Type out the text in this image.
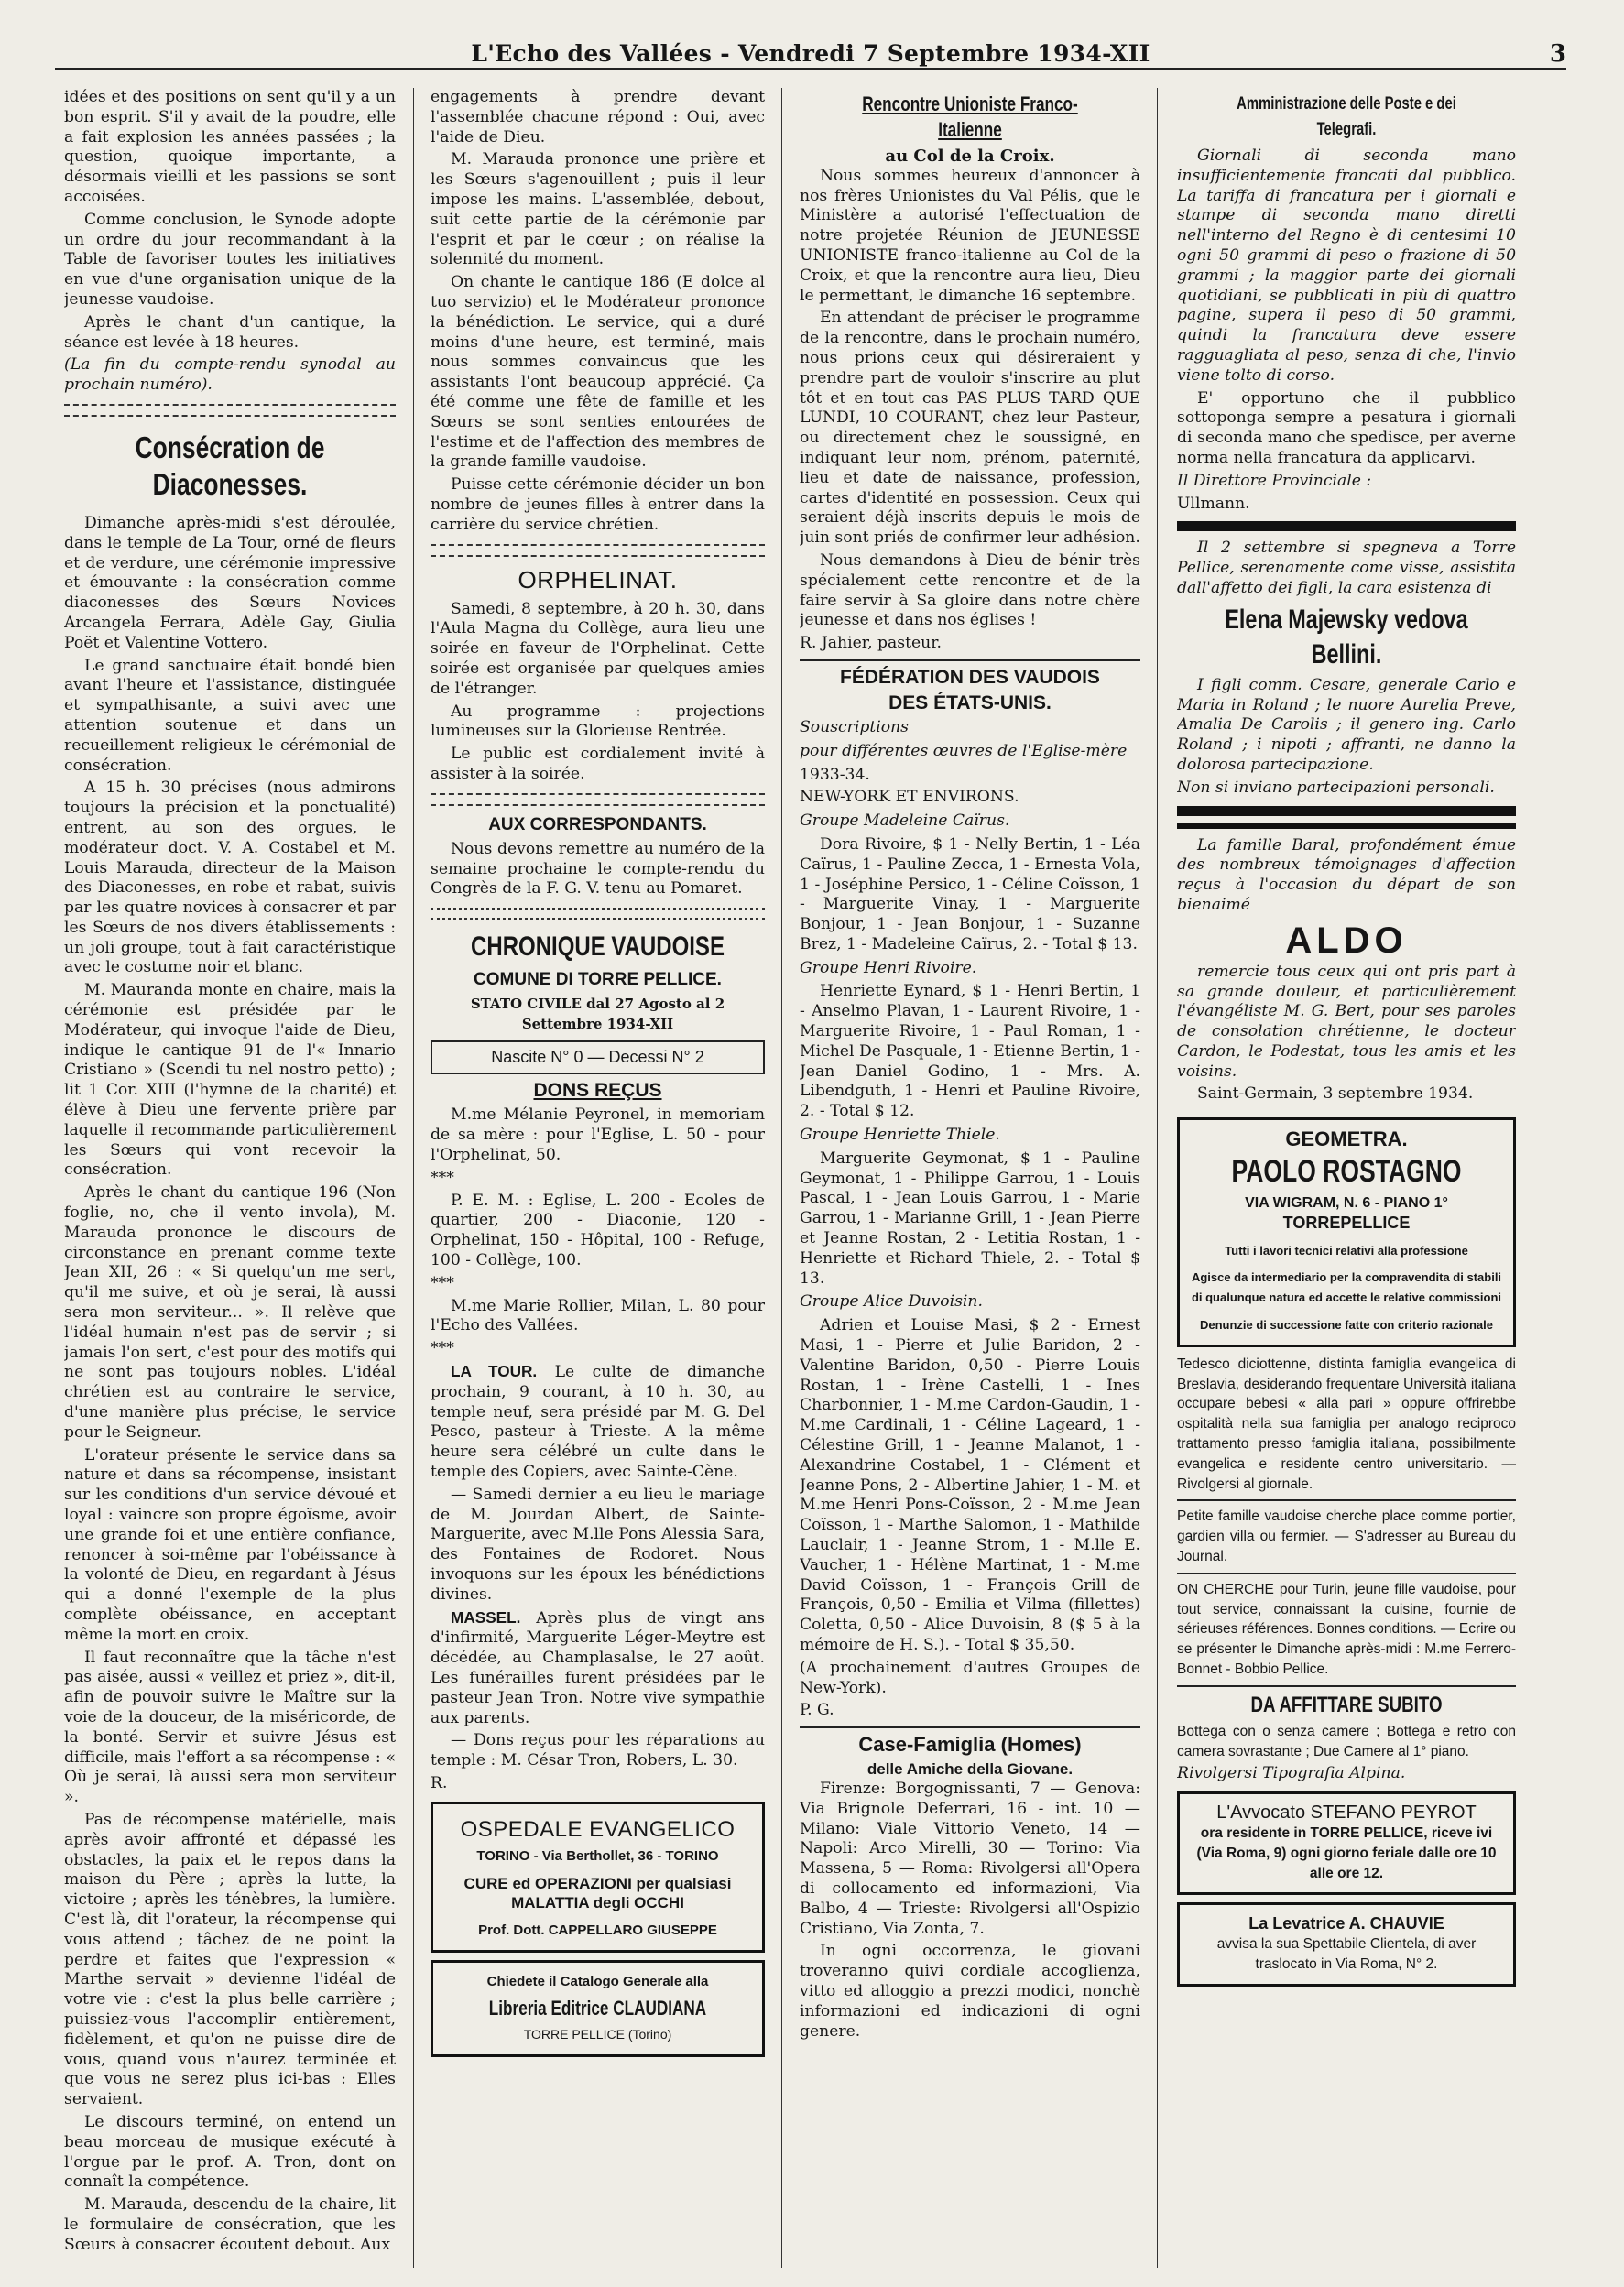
L'Echo des Vallées - Vendredi 7 Septembre 1934-XII	3

idées et des positions on sent qu'il y a un bon esprit. S'il y avait de la poudre, elle a fait explosion les années passées ; la question, quoique importante, a désormais vieilli et les passions se sont accoisées.

Comme conclusion, le Synode adopte un ordre du jour recommandant à la Table de favoriser toutes les initiatives en vue d'une organisation unique de la jeunesse vaudoise.

Après le chant d'un cantique, la séance est levée à 18 heures.

(La fin du compte-rendu synodal au prochain numéro).

Consécration de Diaconesses.

Dimanche après-midi s'est déroulée, dans le temple de La Tour, orné de fleurs et de verdure, une cérémonie impressive et émouvante : la consécration comme diaconesses des Sœurs Novices Arcangela Ferrara, Adèle Gay, Giulia Poët et Valentine Vottero.

Le grand sanctuaire était bondé bien avant l'heure et l'assistance, distinguée et sympathisante, a suivi avec une attention soutenue et dans un recueillement religieux le cérémonial de consécration.

A 15 h. 30 précises (nous admirons toujours la précision et la ponctualité) entrent, au son des orgues, le modérateur doct. V. A. Costabel et M. Louis Marauda, directeur de la Maison des Diaconesses, en robe et rabat, suivis par les quatre novices à consacrer et par les Sœurs de nos divers établissements : un joli groupe, tout à fait caractéristique avec le costume noir et blanc.

M. Mauranda monte en chaire, mais la cérémonie est présidée par le Modérateur, qui invoque l'aide de Dieu, indique le cantique 91 de l'« Innario Cristiano » (Scendi tu nel nostro petto) ; lit 1 Cor. XIII (l'hymne de la charité) et élève à Dieu une fervente prière par laquelle il recommande particulièrement les Sœurs qui vont recevoir la consécration.

Après le chant du cantique 196 (Non foglie, no, che il vento invola), M. Marauda prononce le discours de circonstance en prenant comme texte Jean XII, 26 : « Si quelqu'un me sert, qu'il me suive, et où je serai, là aussi sera mon serviteur... ». Il relève que l'idéal humain n'est pas de servir ; si jamais l'on sert, c'est pour des motifs qui ne sont pas toujours nobles. L'idéal chrétien est au contraire le service, d'une manière plus précise, le service pour le Seigneur.

L'orateur présente le service dans sa nature et dans sa récompense, insistant sur les conditions d'un service dévoué et loyal : vaincre son propre égoïsme, avoir une grande foi et une entière confiance, renoncer à soi-même par l'obéissance à la volonté de Dieu, en regardant à Jésus qui a donné l'exemple de la plus complète obéissance, en acceptant même la mort en croix.

Il faut reconnaître que la tâche n'est pas aisée, aussi « veillez et priez », dit-il, afin de pouvoir suivre le Maître sur la voie de la douceur, de la miséricorde, de la bonté. Servir et suivre Jésus est difficile, mais l'effort a sa récompense : « Où je serai, là aussi sera mon serviteur ».

Pas de récompense matérielle, mais après avoir affronté et dépassé les obstacles, la paix et le repos dans la maison du Père ; après la lutte, la victoire ; après les ténèbres, la lumière. C'est là, dit l'orateur, la récompense qui vous attend ; tâchez de ne point la perdre et faites que l'expression « Marthe servait » devienne l'idéal de votre vie : c'est la plus belle carrière ; puissiez-vous l'accomplir entièrement, fidèlement, et qu'on ne puisse dire de vous, quand vous n'aurez terminée et que vous ne serez plus ici-bas : Elles servaient.

Le discours terminé, on entend un beau morceau de musique exécuté à l'orgue par le prof. A. Tron, dont on connaît la compétence.

M. Marauda, descendu de la chaire, lit le formulaire de consécration, que les Sœurs à consacrer écoutent debout. Aux

engagements à prendre devant l'assemblée chacune répond : Oui, avec l'aide de Dieu.

M. Marauda prononce une prière et les Sœurs s'agenouillent ; puis il leur impose les mains. L'assemblée, debout, suit cette partie de la cérémonie par l'esprit et par le cœur ; on réalise la solennité du moment.

On chante le cantique 186 (E dolce al tuo servizio) et le Modérateur prononce la bénédiction. Le service, qui a duré moins d'une heure, est terminé, mais nous sommes convaincus que les assistants l'ont beaucoup apprécié. Ça été comme une fête de famille et les Sœurs se sont senties entourées de l'estime et de l'affection des membres de la grande famille vaudoise.

Puisse cette cérémonie décider un bon nombre de jeunes filles à entrer dans la carrière du service chrétien.

ORPHELINAT.

Samedi, 8 septembre, à 20 h. 30, dans l'Aula Magna du Collège, aura lieu une soirée en faveur de l'Orphelinat. Cette soirée est organisée par quelques amies de l'étranger.

Au programme : projections lumineuses sur la Glorieuse Rentrée.

Le public est cordialement invité à assister à la soirée.

AUX CORRESPONDANTS.

Nous devons remettre au numéro de la semaine prochaine le compte-rendu du Congrès de la F. G. V. tenu au Pomaret.

CHRONIQUE VAUDOISE
COMUNE DI TORRE PELLICE.
STATO CIVILE dal 27 Agosto al 2 Settembre 1934-XII
Nascite N° 0 — Decessi N° 2
DONS REÇUS

M.me Mélanie Peyronel, in memoriam de sa mère : pour l'Eglise, L. 50 - pour l'Orphelinat, 50.

***

P. E. M. : Eglise, L. 200 - Ecoles de quartier, 200 - Diaconie, 120 - Orphelinat, 150 - Hôpital, 100 - Refuge, 100 - Collège, 100.

***

M.me Marie Rollier, Milan, L. 80 pour l'Echo des Vallées.

***

LA TOUR. Le culte de dimanche prochain, 9 courant, à 10 h. 30, au temple neuf, sera présidé par M. G. Del Pesco, pasteur à Trieste. A la même heure sera célébré un culte dans le temple des Copiers, avec Sainte-Cène.

— Samedi dernier a eu lieu le mariage de M. Jourdan Albert, de Sainte-Marguerite, avec M.lle Pons Alessia Sara, des Fontaines de Rodoret. Nous invoquons sur les époux les bénédictions divines.

MASSEL. Après plus de vingt ans d'infirmité, Marguerite Léger-Meytre est décédée, au Champlasalse, le 27 août. Les funérailles furent présidées par le pasteur Jean Tron. Notre vive sympathie aux parents.

— Dons reçus pour les réparations au temple : M. César Tron, Robers, L. 30.

R.

OSPEDALE EVANGELICO
TORINO - Via Berthollet, 36 - TORINO
CURE ed OPERAZIONI per qualsiasi MALATTIA degli OCCHI
Prof. Dott. CAPPELLARO GIUSEPPE
Chiedete il Catalogo Generale alla
Libreria Editrice CLAUDIANA
TORRE PELLICE (Torino)
Rencontre Unioniste Franco-Italienne
au Col de la Croix.

Nous sommes heureux d'annoncer à nos frères Unionistes du Val Pélis, que le Ministère a autorisé l'effectuation de notre projetée Réunion de JEUNESSE UNIONISTE franco-italienne au Col de la Croix, et que la rencontre aura lieu, Dieu le permettant, le dimanche 16 septembre.

En attendant de préciser le programme de la rencontre, dans le prochain numéro, nous prions ceux qui désireraient y prendre part de vouloir s'inscrire au plut tôt et en tout cas PAS PLUS TARD QUE LUNDI, 10 COURANT, chez leur Pasteur, ou directement chez le soussigné, en indiquant leur nom, prénom, paternité, lieu et date de naissance, profession, cartes d'identité en possession. Ceux qui seraient déjà inscrits depuis le mois de juin sont priés de confirmer leur adhésion.

Nous demandons à Dieu de bénir très spécialement cette rencontre et de la faire servir à Sa gloire dans notre chère jeunesse et dans nos églises !

R. Jahier, pasteur.

FÉDÉRATION DES VAUDOIS
DES ÉTATS-UNIS.

Souscriptions

pour différentes œuvres de l'Eglise-mère

1933-34.

NEW-YORK ET ENVIRONS.

Groupe Madeleine Caïrus.

Dora Rivoire, $ 1 - Nelly Bertin, 1 - Léa Caïrus, 1 - Pauline Zecca, 1 - Ernesta Vola, 1 - Joséphine Persico, 1 - Céline Coïsson, 1 - Marguerite Vinay, 1 - Marguerite Bonjour, 1 - Jean Bonjour, 1 - Suzanne Brez, 1 - Madeleine Caïrus, 2. - Total $ 13.

Groupe Henri Rivoire.

Henriette Eynard, $ 1 - Henri Bertin, 1 - Anselmo Plavan, 1 - Laurent Rivoire, 1 - Marguerite Rivoire, 1 - Paul Roman, 1 - Michel De Pasquale, 1 - Etienne Bertin, 1 - Jean Daniel Godino, 1 - Mrs. A. Libendguth, 1 - Henri et Pauline Rivoire, 2. - Total $ 12.

Groupe Henriette Thiele.

Marguerite Geymonat, $ 1 - Pauline Geymonat, 1 - Philippe Garrou, 1 - Louis Pascal, 1 - Jean Louis Garrou, 1 - Marie Garrou, 1 - Marianne Grill, 1 - Jean Pierre et Jeanne Rostan, 2 - Letitia Rostan, 1 - Henriette et Richard Thiele, 2. - Total $ 13.

Groupe Alice Duvoisin.

Adrien et Louise Masi, $ 2 - Ernest Masi, 1 - Pierre et Julie Baridon, 2 - Valentine Baridon, 0,50 - Pierre Louis Rostan, 1 - Irène Castelli, 1 - Ines Charbonnier, 1 - M.me Cardon-Gaudin, 1 - M.me Cardinali, 1 - Céline Lageard, 1 - Célestine Grill, 1 - Jeanne Malanot, 1 - Alexandrine Costabel, 1 - Clément et Jeanne Pons, 2 - Albertine Jahier, 1 - M. et M.me Henri Pons-Coïsson, 2 - M.me Jean Coïsson, 1 - Marthe Salomon, 1 - Mathilde Lauclair, 1 - Jeanne Strom, 1 - M.lle E. Vaucher, 1 - Hélène Martinat, 1 - M.me David Coïsson, 1 - François Grill de François, 0,50 - Emilia et Vilma (fillettes) Coletta, 0,50 - Alice Duvoisin, 8 ($ 5 à la mémoire de H. S.). - Total $ 35,50.

(A prochainement d'autres Groupes de New-York).

P. G.

Case-Famiglia (Homes)
delle Amiche della Giovane.

Firenze: Borgognissanti, 7 — Genova: Via Brignole Deferrari, 16 - int. 10 — Milano: Viale Vittorio Veneto, 14 — Napoli: Arco Mirelli, 30 — Torino: Via Massena, 5 — Roma: Rivolgersi all'Opera di collocamento ed informazioni, Via Balbo, 4 — Trieste: Rivolgersi all'Ospizio Cristiano, Via Zonta, 7.

In ogni occorrenza, le giovani troveranno quivi cordiale accoglienza, vitto ed alloggio a prezzi modici, nonchè informazioni ed indicazioni di ogni genere.

Amministrazione delle Poste e dei Telegrafi.

Giornali di seconda mano insufficientemente francati dal pubblico. La tariffa di francatura per i giornali e stampe di seconda mano diretti nell'interno del Regno è di centesimi 10 ogni 50 grammi di peso o frazione di 50 grammi ; la maggior parte dei giornali quotidiani, se pubblicati in più di quattro pagine, supera il peso di 50 grammi, quindi la francatura deve essere ragguagliata al peso, senza di che, l'invio viene tolto di corso.

E' opportuno che il pubblico sottoponga sempre a pesatura i giornali di seconda mano che spedisce, per averne norma nella francatura da applicarvi.

Il Direttore Provinciale :

Ullmann.

Il 2 settembre si spegneva a Torre Pellice, serenamente come visse, assistita dall'affetto dei figli, la cara esistenza di

Elena Majewsky vedova Bellini.

I figli comm. Cesare, generale Carlo e Maria in Roland ; le nuore Aurelia Preve, Amalia De Carolis ; il genero ing. Carlo Roland ; i nipoti ; affranti, ne danno la dolorosa partecipazione.

Non si inviano partecipazioni personali.

La famille Baral, profondément émue des nombreux témoignages d'affection reçus à l'occasion du départ de son bienaimé

ALDO

remercie tous ceux qui ont pris part à sa grande douleur, et particulièrement l'évangéliste M. G. Bert, pour ses paroles de consolation chrétienne, le docteur Cardon, le Podestat, tous les amis et les voisins.

Saint-Germain, 3 septembre 1934.

GEOMETRA.
PAOLO ROSTAGNO
VIA WIGRAM, N. 6 - PIANO 1°
TORREPELLICE
Tutti i lavori tecnici relativi alla professione
Agisce da intermediario per la compravendita di stabili di qualunque natura ed accette le relative commissioni
Denunzie di successione fatte con criterio razionale

Tedesco diciottenne, distinta famiglia evangelica di Breslavia, desiderando frequentare Università italiana occupare bebesi « alla pari » oppure offrirebbe ospitalità nella sua famiglia per analogo reciproco trattamento presso famiglia italiana, possibilmente evangelica e residente centro universitario. — Rivolgersi al giornale.

Petite famille vaudoise cherche place comme portier, gardien villa ou fermier. — S'adresser au Bureau du Journal.

ON CHERCHE pour Turin, jeune fille vaudoise, pour tout service, connaissant la cuisine, fournie de sérieuses références. Bonnes conditions. — Ecrire ou se présenter le Dimanche après-midi : M.me Ferrero-Bonnet - Bobbio Pellice.

DA AFFITTARE SUBITO

Bottega con o senza camere ; Bottega e retro con camera sovrastante ; Due Camere al 1° piano.

Rivolgersi Tipografia Alpina.

L'Avvocato STEFANO PEYROT
ora residente in TORRE PELLICE, riceve ivi (Via Roma, 9) ogni giorno feriale dalle ore 10 alle ore 12.
La Levatrice A. CHAUVIE
avvisa la sua Spettabile Clientela, di aver traslocato in Via Roma, N° 2.
